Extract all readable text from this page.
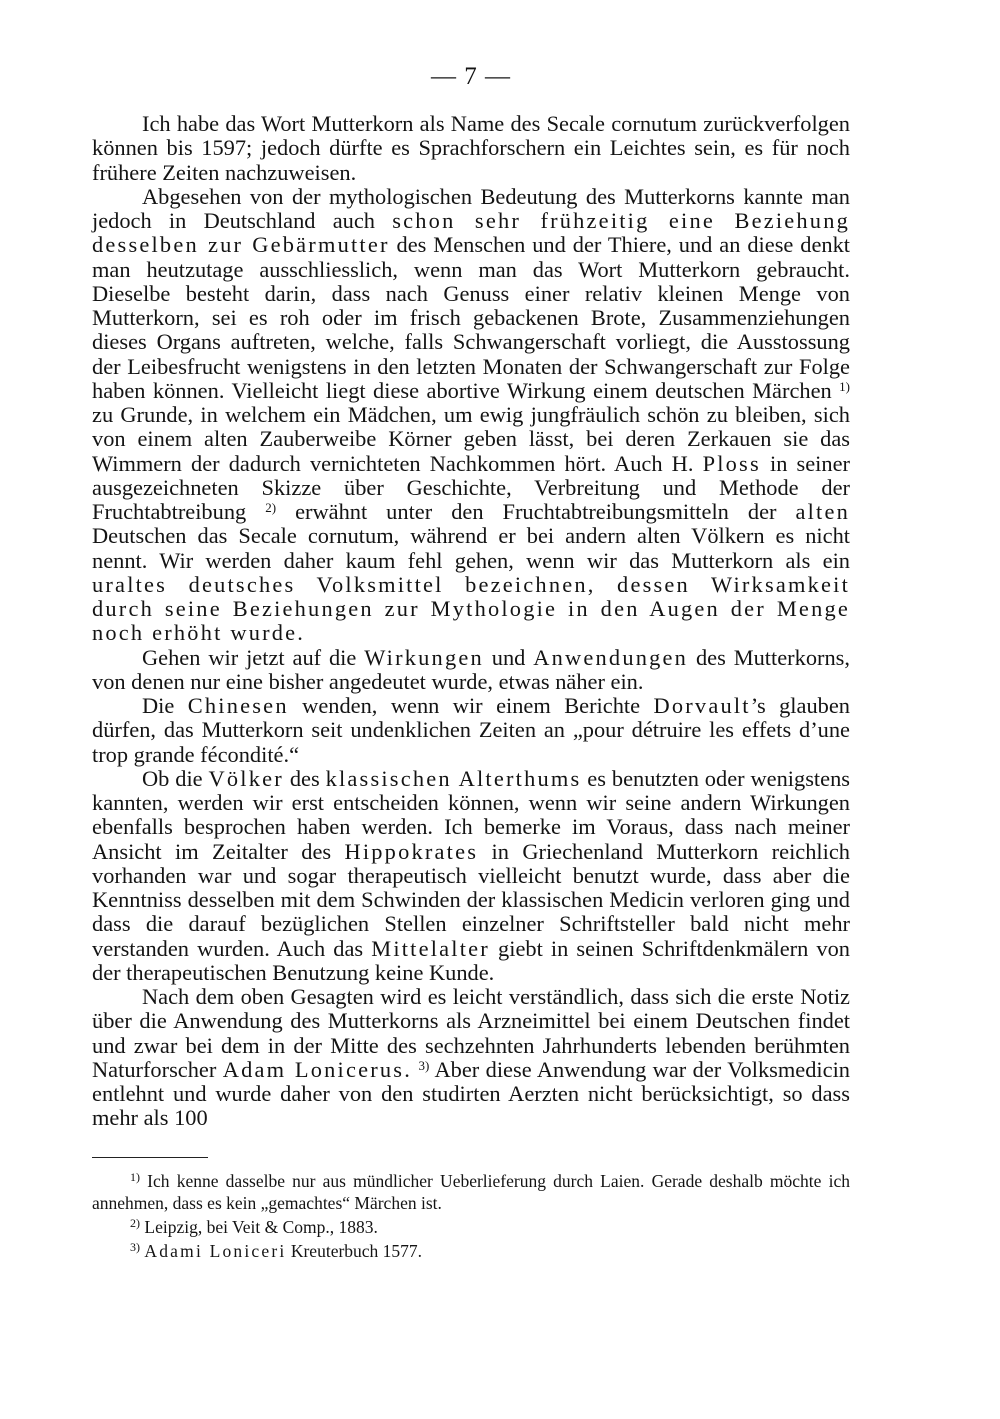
— 7 —

Ich habe das Wort Mutterkorn als Name des Secale cornutum zurückverfolgen können bis 1597; jedoch dürfte es Sprachforschern ein Leichtes sein, es für noch frühere Zeiten nachzuweisen.

Abgesehen von der mythologischen Bedeutung des Mutterkorns kannte man jedoch in Deutschland auch schon sehr frühzeitig eine Beziehung desselben zur Gebärmutter des Menschen und der Thiere, und an diese denkt man heutzutage ausschliesslich, wenn man das Wort Mutterkorn gebraucht. Dieselbe besteht darin, dass nach Genuss einer relativ kleinen Menge von Mutterkorn, sei es roh oder im frisch gebackenen Brote, Zusammenziehungen dieses Organs auftreten, welche, falls Schwangerschaft vorliegt, die Ausstossung der Leibesfrucht wenigstens in den letzten Monaten der Schwangerschaft zur Folge haben können. Vielleicht liegt diese abortive Wirkung einem deutschen Märchen $^{1)}$ zu Grunde, in welchem ein Mädchen, um ewig jungfräulich schön zu bleiben, sich von einem alten Zauberweibe Körner geben lässt, bei deren Zerkauen sie das Wimmern der dadurch vernichteten Nachkommen hört. Auch H. Ploss in seiner ausgezeichneten Skizze über Geschichte, Verbreitung und Methode der Fruchtabtreibung $^{2)}$ erwähnt unter den Fruchtabtreibungsmitteln der alten Deutschen das Secale cornutum, während er bei andern alten Völkern es nicht nennt. Wir werden daher kaum fehl gehen, wenn wir das Mutterkorn als ein uraltes deutsches Volksmittel bezeichnen, dessen Wirksamkeit durch seine Beziehungen zur Mythologie in den Augen der Menge noch erhöht wurde.

Gehen wir jetzt auf die Wirkungen und Anwendungen des Mutterkorns, von denen nur eine bisher angedeutet wurde, etwas näher ein.

Die Chinesen wenden, wenn wir einem Berichte Dorvault’s glauben dürfen, das Mutterkorn seit undenklichen Zeiten an „pour détruire les effets d’une trop grande fécondité.“

Ob die Völker des klassischen Alterthums es benutzten oder wenigstens kannten, werden wir erst entscheiden können, wenn wir seine andern Wirkungen ebenfalls besprochen haben werden. Ich bemerke im Voraus, dass nach meiner Ansicht im Zeitalter des Hippokrates in Griechenland Mutterkorn reichlich vorhanden war und sogar therapeutisch vielleicht benutzt wurde, dass aber die Kenntniss desselben mit dem Schwinden der klassischen Medicin verloren ging und dass die darauf bezüglichen Stellen einzelner Schriftsteller bald nicht mehr verstanden wurden. Auch das Mittelalter giebt in seinen Schriftdenkmälern von der therapeutischen Benutzung keine Kunde.

Nach dem oben Gesagten wird es leicht verständlich, dass sich die erste Notiz über die Anwendung des Mutterkorns als Arzneimittel bei einem Deutschen findet und zwar bei dem in der Mitte des sechzehnten Jahrhunderts lebenden berühmten Naturforscher Adam Lonicerus. $^{3)}$ Aber diese Anwendung war der Volksmedicin entlehnt und wurde daher von den studirten Aerzten nicht berücksichtigt, so dass mehr als 100

$^{1)}$ Ich kenne dasselbe nur aus mündlicher Ueberlieferung durch Laien. Gerade deshalb möchte ich annehmen, dass es kein „gemachtes“ Märchen ist.

$^{2)}$ Leipzig, bei Veit & Comp., 1883.

$^{3)}$ Adami Loniceri Kreuterbuch 1577.
